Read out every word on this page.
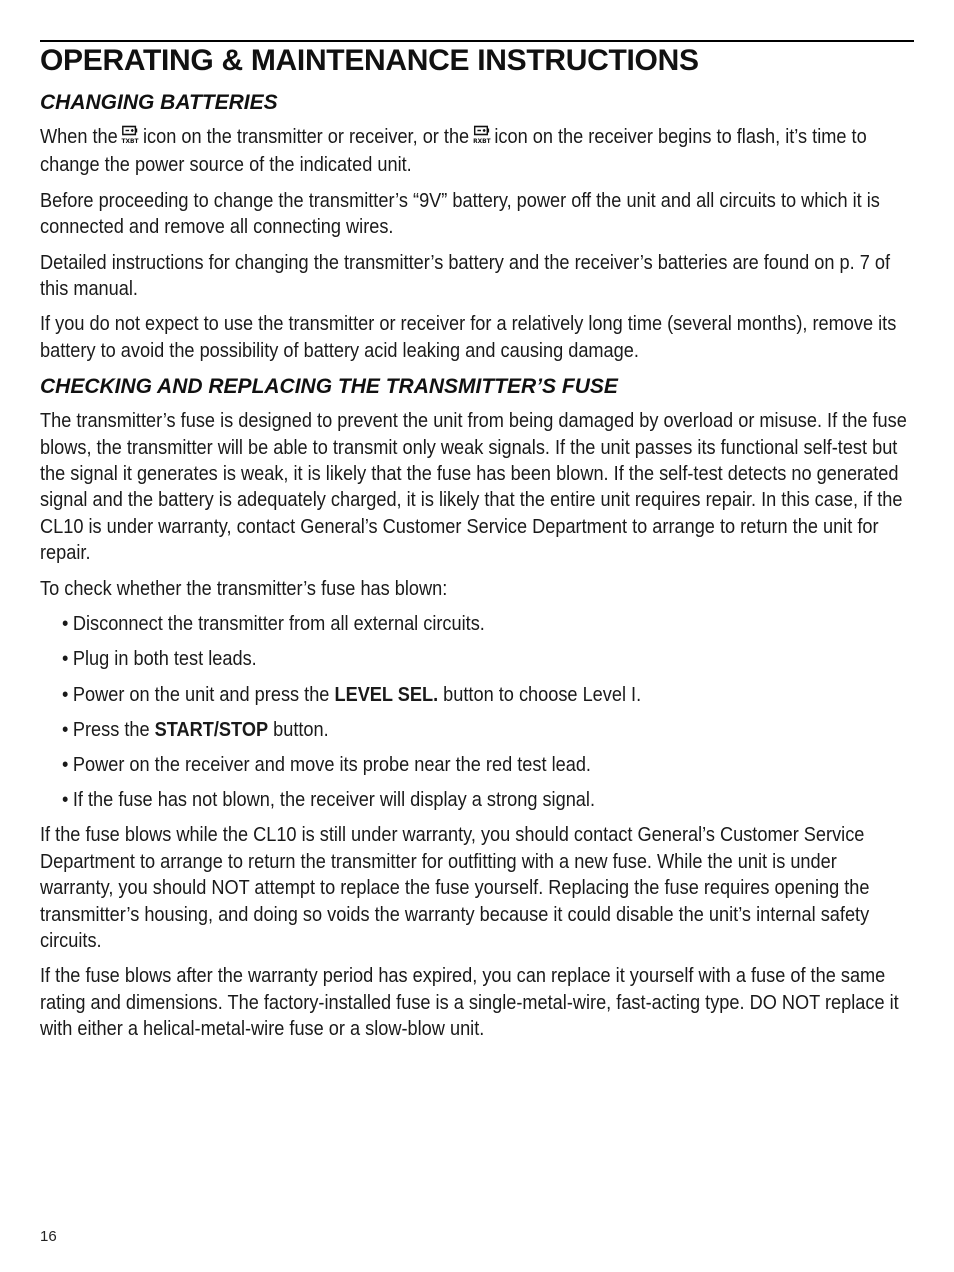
OPERATING & MAINTENANCE INSTRUCTIONS
CHANGING BATTERIES

When the TXBT icon on the transmitter or receiver, or the RXBT icon on the receiver begins to flash, it’s time to change the power source of the indicated unit.

Before proceeding to change the transmitter’s “9V” battery, power off the unit and all circuits to which it is connected and remove all connecting wires.

Detailed instructions for changing the transmitter’s battery and the receiver’s batteries are found on p. 7 of this manual.

If you do not expect to use the transmitter or receiver for a relatively long time (several months), remove its battery to avoid the possibility of battery acid leaking and causing damage.

CHECKING AND REPLACING THE TRANSMITTER’S FUSE

The transmitter’s fuse is designed to prevent the unit from being damaged by overload or misuse. If the fuse blows, the transmitter will be able to transmit only weak signals. If the unit passes its functional self-test but the signal it generates is weak, it is likely that the fuse has been blown. If the self-test detects no generated signal and the battery is adequately charged, it is likely that the entire unit requires repair. In this case, if the CL10 is under warranty, contact General’s Customer Service Department to arrange to return the unit for repair.

To check whether the transmitter’s fuse has blown:

• Disconnect the transmitter from all external circuits.
• Plug in both test leads.
• Power on the unit and press the LEVEL SEL. button to choose Level I.
• Press the START/STOP button.
• Power on the receiver and move its probe near the red test lead.
• If the fuse has not blown, the receiver will display a strong signal.

If the fuse blows while the CL10 is still under warranty, you should contact General’s Customer Service Department to arrange to return the transmitter for outfitting with a new fuse. While the unit is under warranty, you should NOT attempt to replace the fuse yourself. Replacing the fuse requires opening the transmitter’s housing, and doing so voids the warranty because it could disable the unit’s internal safety circuits.

If the fuse blows after the warranty period has expired, you can replace it yourself with a fuse of the same rating and dimensions. The factory-installed fuse is a single-metal-wire, fast-acting type. DO NOT replace it with either a helical-metal-wire fuse or a slow-blow unit.

16
